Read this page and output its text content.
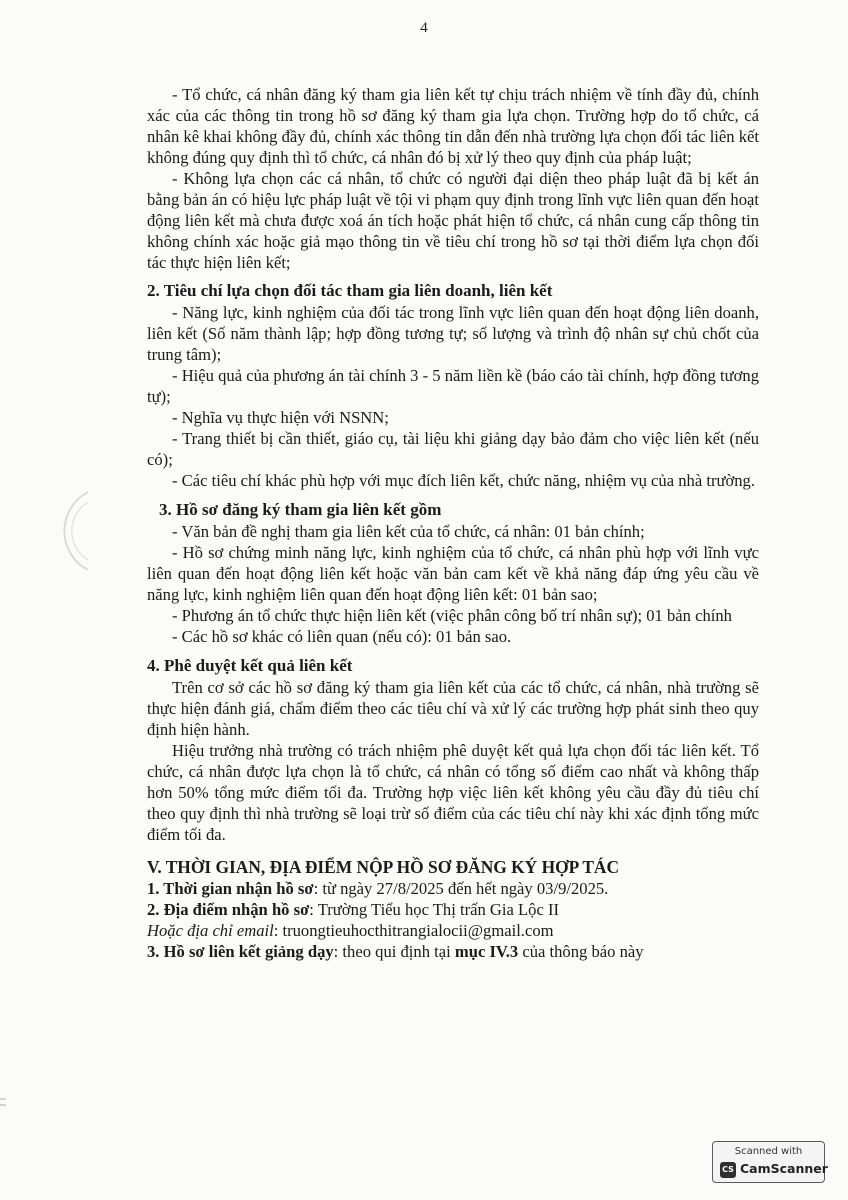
4

- Tổ chức, cá nhân đăng ký tham gia liên kết tự chịu trách nhiệm về tính đầy đủ, chính xác của các thông tin trong hồ sơ đăng ký tham gia lựa chọn. Trường hợp do tổ chức, cá nhân kê khai không đầy đủ, chính xác thông tin dẫn đến nhà trường lựa chọn đối tác liên kết không đúng quy định thì tổ chức, cá nhân đó bị xử lý theo quy định của pháp luật;

- Không lựa chọn các cá nhân, tổ chức có người đại diện theo pháp luật đã bị kết án bằng bản án có hiệu lực pháp luật về tội vi phạm quy định trong lĩnh vực liên quan đến hoạt động liên kết mà chưa được xoá án tích hoặc phát hiện tổ chức, cá nhân cung cấp thông tin không chính xác hoặc giả mạo thông tin về tiêu chí trong hồ sơ tại thời điểm lựa chọn đối tác thực hiện liên kết;

2. Tiêu chí lựa chọn đối tác tham gia liên doanh, liên kết

- Năng lực, kinh nghiệm của đối tác trong lĩnh vực liên quan đến hoạt động liên doanh, liên kết (Số năm thành lập; hợp đồng tương tự; số lượng và trình độ nhân sự chủ chốt của trung tâm);

- Hiệu quả của phương án tài chính 3 - 5 năm liền kề (báo cáo tài chính, hợp đồng tương tự);

- Nghĩa vụ thực hiện với NSNN;

- Trang thiết bị cần thiết, giáo cụ, tài liệu khi giảng dạy bảo đảm cho việc liên kết (nếu có);

- Các tiêu chí khác phù hợp với mục đích liên kết, chức năng, nhiệm vụ của nhà trường.

3. Hồ sơ đăng ký tham gia liên kết gồm

- Văn bản đề nghị tham gia liên kết của tổ chức, cá nhân: 01 bản chính;

- Hồ sơ chứng minh năng lực, kinh nghiệm của tổ chức, cá nhân phù hợp với lĩnh vực liên quan đến hoạt động liên kết hoặc văn bản cam kết về khả năng đáp ứng yêu cầu về năng lực, kinh nghiệm liên quan đến hoạt động liên kết: 01 bản sao;

- Phương án tổ chức thực hiện liên kết (việc phân công bố trí nhân sự); 01 bản chính

- Các hồ sơ khác có liên quan (nếu có): 01 bản sao.

4. Phê duyệt kết quả liên kết

Trên cơ sở các hồ sơ đăng ký tham gia liên kết của các tổ chức, cá nhân, nhà trường sẽ thực hiện đánh giá, chấm điểm theo các tiêu chí và xử lý các trường hợp phát sinh theo quy định hiện hành.

Hiệu trưởng nhà trường có trách nhiệm phê duyệt kết quả lựa chọn đối tác liên kết. Tổ chức, cá nhân được lựa chọn là tổ chức, cá nhân có tổng số điểm cao nhất và không thấp hơn 50% tổng mức điểm tối đa. Trường hợp việc liên kết không yêu cầu đầy đủ tiêu chí theo quy định thì nhà trường sẽ loại trừ số điểm của các tiêu chí này khi xác định tổng mức điểm tối đa.

V. THỜI GIAN, ĐỊA ĐIỂM NỘP HỒ SƠ ĐĂNG KÝ HỢP TÁC

1. Thời gian nhận hồ sơ: từ ngày 27/8/2025 đến hết ngày 03/9/2025.

2. Địa điểm nhận hồ sơ: Trường Tiểu học Thị trấn Gia Lộc II

Hoặc địa chỉ email: truongtieuhocthitrangialocii@gmail.com

3. Hồ sơ liên kết giảng dạy: theo qui định tại mục IV.3 của thông báo này

Scanned with
CS CamScanner
